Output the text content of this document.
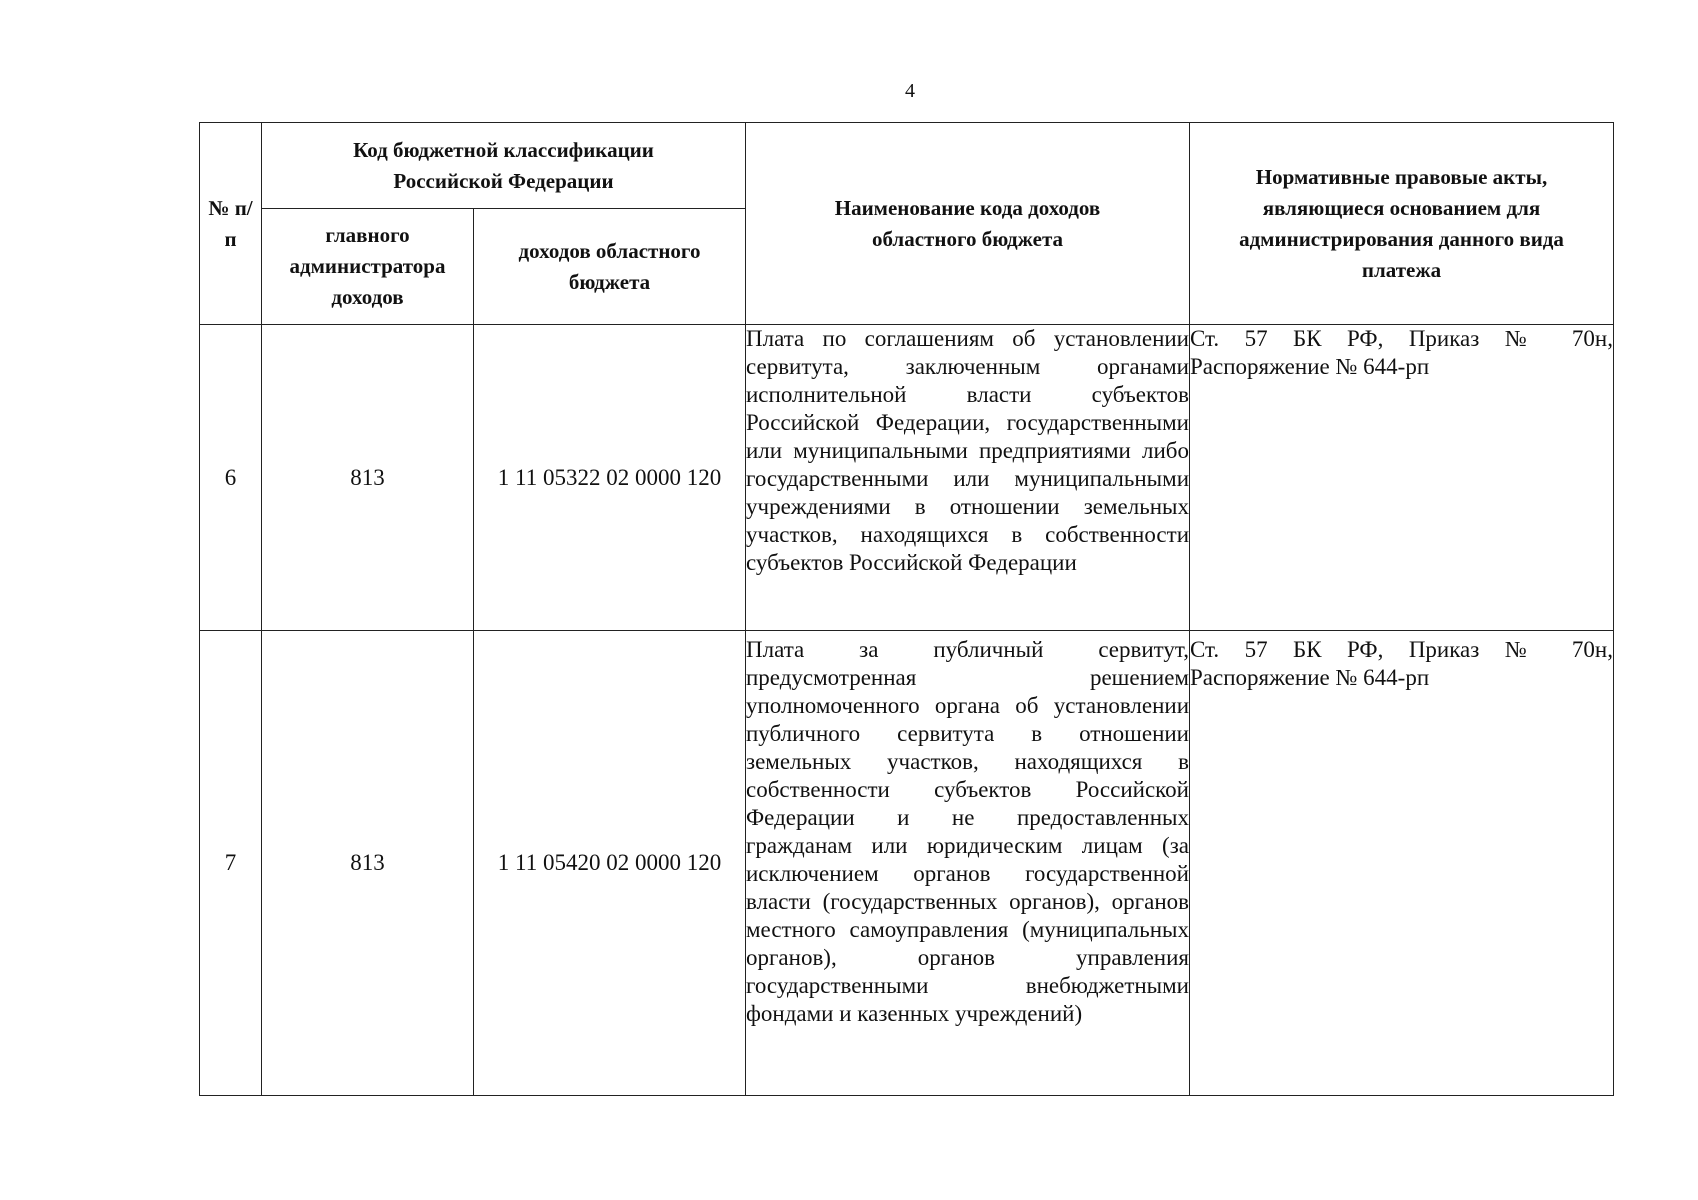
4
№ п/п	Код бюджетной классификации Российской Федерации		Наименование кода доходов областного бюджета	Нормативные правовые акты, являющиеся основанием для администрирования данного вида платежа

	главного администратора доходов	доходов областного бюджета		

6	813	1 11 05322 02 0000 120	Плата по соглашениям об установлении сервитута, заключенным органами исполнительной власти субъектов Российской Федерации, государственными или муниципальными предприятиями либо государственными или муниципальными учреждениями в отношении земельных участков, находящихся в собственности субъектов Российской Федерации	Ст. 57 БК РФ, Приказ № 70н, Распоряжение № 644-рп
7	813	1 11 05420 02 0000 120	Плата за публичный сервитут, предусмотренная решением уполномоченного органа об установлении публичного сервитута в отношении земельных участков, находящихся в собственности субъектов Российской Федерации и не предоставленных гражданам или юридическим лицам (за исключением органов государственной власти (государственных органов), органов местного самоуправления (муниципальных органов), органов управления государственными внебюджетными фондами и казенных учреждений)	Ст. 57 БК РФ, Приказ № 70н, Распоряжение № 644-рп
